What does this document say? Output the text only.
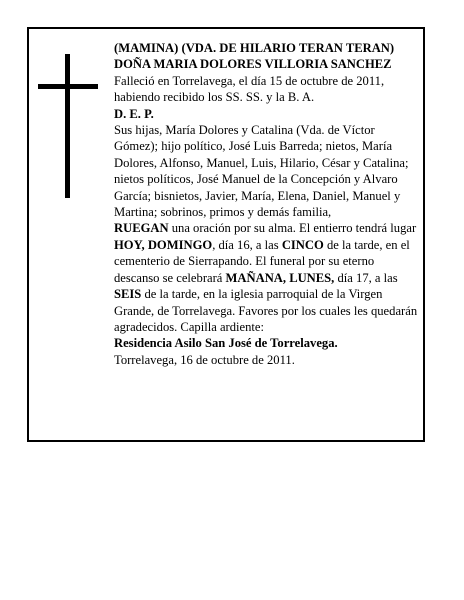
(MAMINA) (VDA. DE HILARIO TERAN TERAN)

DOÑA MARIA DOLORES VILLORIA SANCHEZ

Falleció en Torrelavega, el día 15 de octubre de 2011, habiendo recibido los SS. SS. y la B. A.

D. E. P.

Sus hijas, María Dolores y Catalina (Vda. de Víctor Gómez); hijo político, José Luis Barreda; nietos, María Dolores, Alfonso, Manuel, Luis, Hilario, César y Catalina; nietos políticos, José Manuel de la Concepción y Alvaro García; bisnietos, Javier, María, Elena, Daniel, Manuel y Martina; sobrinos, primos y demás familia,

RUEGAN una oración por su alma. El entierro tendrá lugar HOY, DOMINGO, día 16, a las CINCO de la tarde, en el cementerio de Sierrapando. El funeral por su eterno descanso se celebrará MAÑANA, LUNES, día 17, a las SEIS de la tarde, en la iglesia parroquial de la Virgen Grande, de Torrelavega. Favores por los cuales les quedarán agradecidos. Capilla ardiente:

Residencia Asilo San José de Torrelavega.

Torrelavega, 16 de octubre de 2011.
